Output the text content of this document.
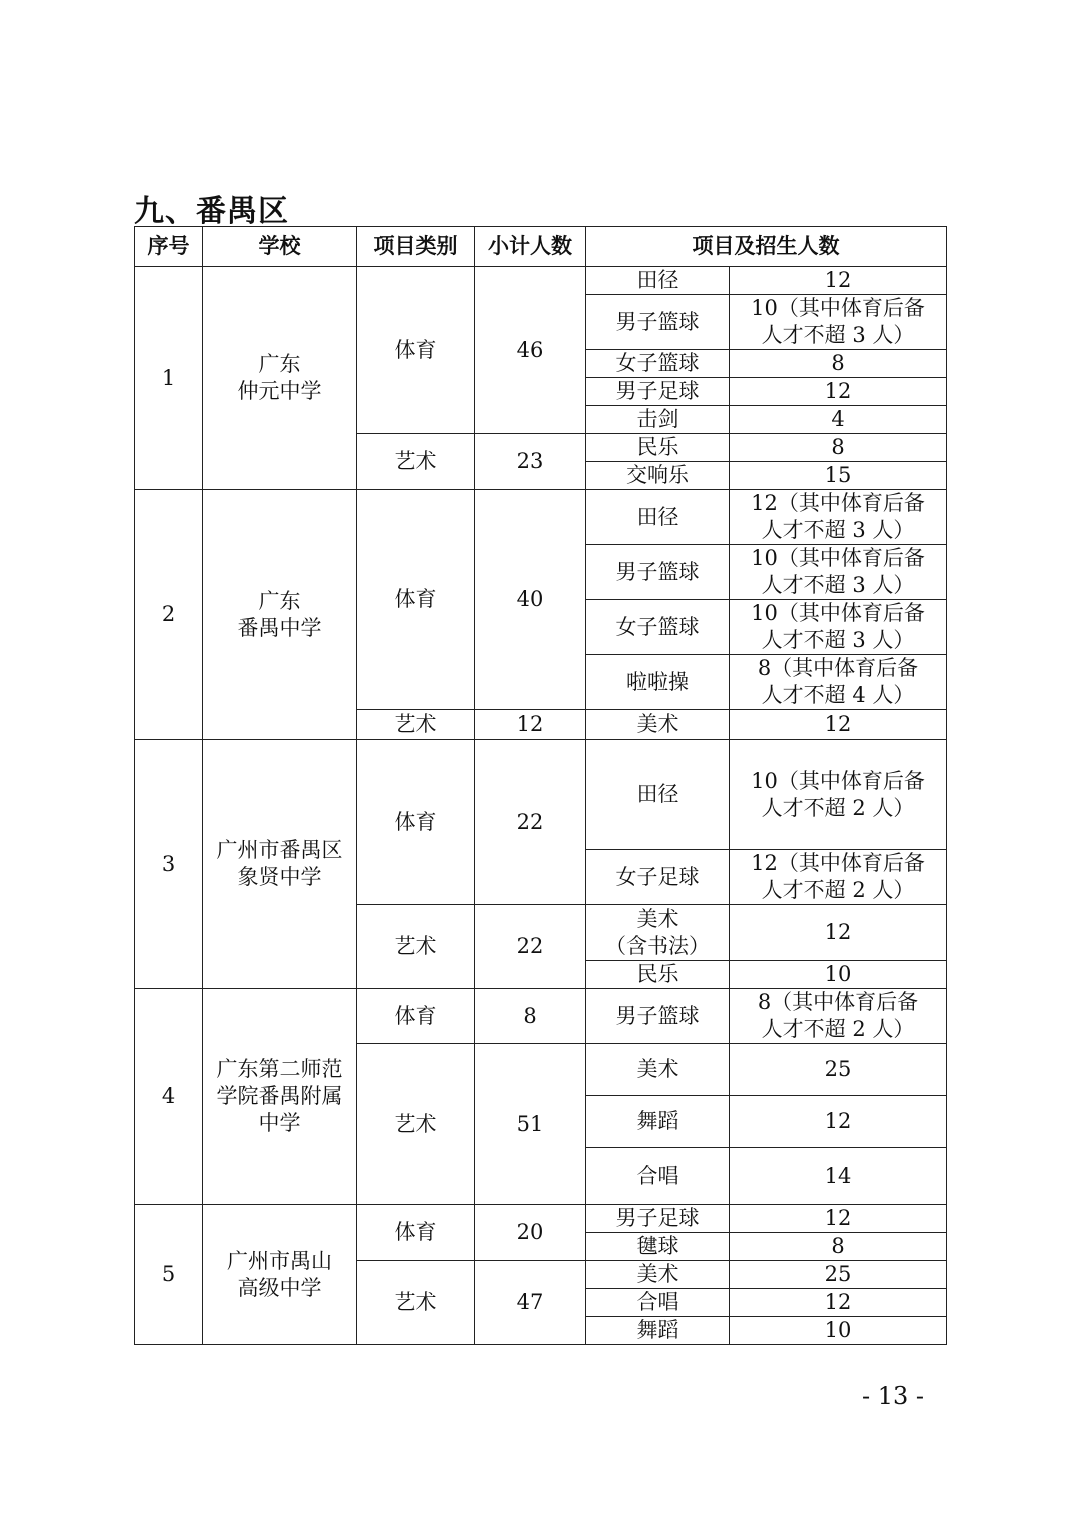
九、番禺区
序号	学校	项目类别	小计人数	项目及招生人数	
1	广东
仲元中学	体育	46	田径	12
				男子篮球	10（其中体育后备
人才不超 3 人）
				女子篮球	8
				男子足球	12
				击剑	4
		艺术	23	民乐	8
				交响乐	15
2	广东
番禺中学	体育	40	田径	12（其中体育后备
人才不超 3 人）
				男子篮球	10（其中体育后备
人才不超 3 人）
				女子篮球	10（其中体育后备
人才不超 3 人）
				啦啦操	8（其中体育后备
人才不超 4 人）
		艺术	12	美术	12
3	广州市番禺区
象贤中学	体育	22	田径	10（其中体育后备
人才不超 2 人）
				女子足球	12（其中体育后备
人才不超 2 人）
		艺术	22	美术
（含书法）	12
				民乐	10
4	广东第二师范
学院番禺附属
中学	体育	8	男子篮球	8（其中体育后备
人才不超 2 人）
		艺术	51	美术	25
				舞蹈	12
				合唱	14
5	广州市禺山
高级中学	体育	20	男子足球	12
				毽球	8
		艺术	47	美术	25
				合唱	12
				舞蹈	10
- 13 -
